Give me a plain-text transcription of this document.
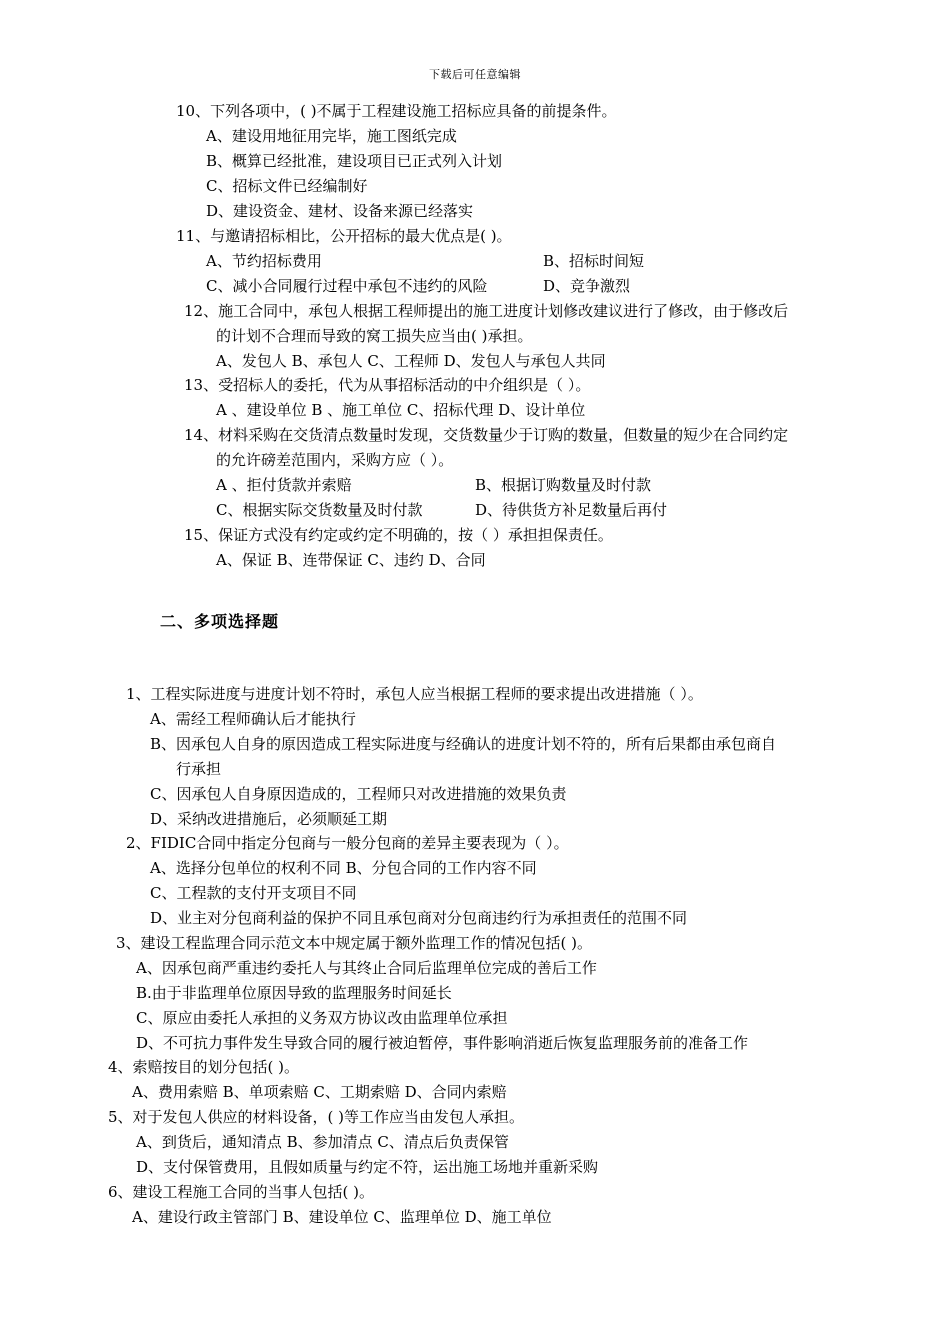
下载后可任意编辑
10、下列各项中，( )不属于工程建设施工招标应具备的前提条件。
A、建设用地征用完毕，施工图纸完成
B、概算已经批准，建设项目已正式列入计划
C、招标文件已经编制好
D、建设资金、建材、设备来源已经落实
11、与邀请招标相比，公开招标的最大优点是( )。
A、节约招标费用	B、招标时间短
C、减小合同履行过程中承包不违约的风险	D、竞争激烈
12、施工合同中，承包人根据工程师提出的施工进度计划修改建议进行了修改，由于修改后
的计划不合理而导致的窝工损失应当由( )承担。
A、发包人 B、承包人 C、工程师 D、发包人与承包人共同
13、受招标人的委托，代为从事招标活动的中介组织是（ ）。
A 、建设单位 B 、施工单位 C、招标代理 D、设计单位
14、材料采购在交货清点数量时发现，交货数量少于订购的数量，但数量的短少在合同约定
的允许磅差范围内，采购方应（ ）。
A 、拒付货款并索赔	B、根据订购数量及时付款
C、根据实际交货数量及时付款	D、待供货方补足数量后再付
15、保证方式没有约定或约定不明确的，按（ ）承担担保责任。
A、保证 B、连带保证 C、违约 D、合同
二、多项选择题
1、工程实际进度与进度计划不符时，承包人应当根据工程师的要求提出改进措施（ ）。
A、需经工程师确认后才能执行
B、因承包人自身的原因造成工程实际进度与经确认的进度计划不符的，所有后果都由承包商自
行承担
C、因承包人自身原因造成的，工程师只对改进措施的效果负责
D、采纳改进措施后，必须顺延工期
2、FIDIC合同中指定分包商与一般分包商的差异主要表现为（ ）。
A、选择分包单位的权利不同 B、分包合同的工作内容不同
C、工程款的支付开支项目不同
D、业主对分包商利益的保护不同且承包商对分包商违约行为承担责任的范围不同
3、建设工程监理合同示范文本中规定属于额外监理工作的情况包括( )。
A、因承包商严重违约委托人与其终止合同后监理单位完成的善后工作
B.由于非监理单位原因导致的监理服务时间延长
C、原应由委托人承担的义务双方协议改由监理单位承担
D、不可抗力事件发生导致合同的履行被迫暂停，事件影响消逝后恢复监理服务前的准备工作
4、索赔按目的划分包括( )。
A、费用索赔 B、单项索赔 C、工期索赔 D、合同内索赔
5、对于发包人供应的材料设备，( )等工作应当由发包人承担。
A、到货后，通知清点 B、参加清点 C、清点后负责保管
D、支付保管费用，且假如质量与约定不符，运出施工场地并重新采购
6、建设工程施工合同的当事人包括( )。
A、建设行政主管部门 B、建设单位 C、监理单位 D、施工单位
